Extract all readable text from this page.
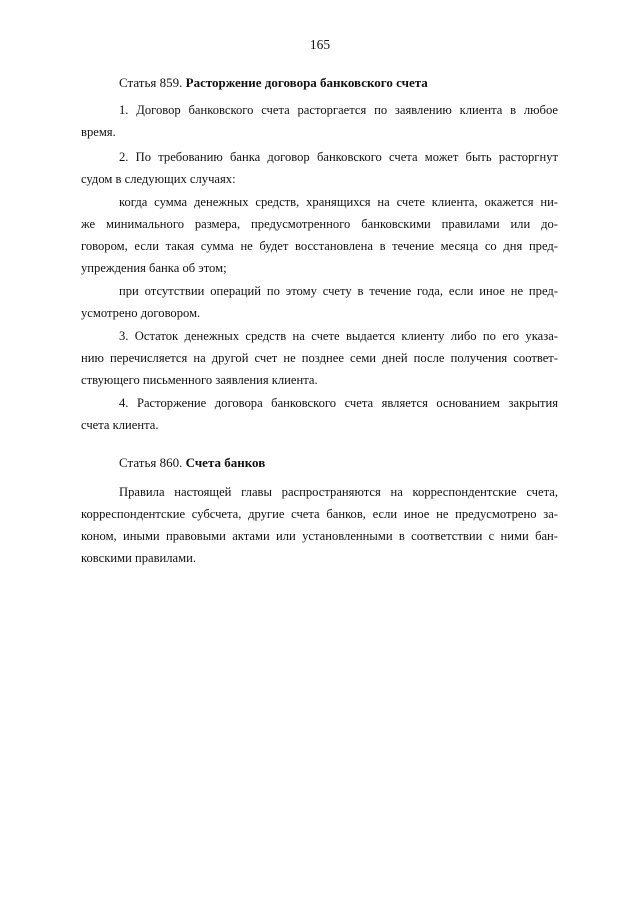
165
Статья 859. Расторжение договора банковского счета
1. Договор банковского счета расторгается по заявлению клиента в любое
время.
2. По требованию банка договор банковского счета может быть расторгнут
судом в следующих случаях:
когда сумма денежных средств, хранящихся на счете клиента, окажется ни-
же минимального размера, предусмотренного банковскими правилами или до-
говором, если такая сумма не будет восстановлена в течение месяца со дня пред-
упреждения банка об этом;
при отсутствии операций по этому счету в течение года, если иное не пред-
усмотрено договором.
3. Остаток денежных средств на счете выдается клиенту либо по его указа-
нию перечисляется на другой счет не позднее семи дней после получения соответ-
ствующего письменного заявления клиента.
4. Расторжение договора банковского счета является основанием закрытия
счета клиента.
Статья 860. Счета банков
Правила настоящей главы распространяются на корреспондентские счета,
корреспондентские субсчета, другие счета банков, если иное не предусмотрено за-
коном, иными правовыми актами или установленными в соответствии с ними бан-
ковскими правилами.
